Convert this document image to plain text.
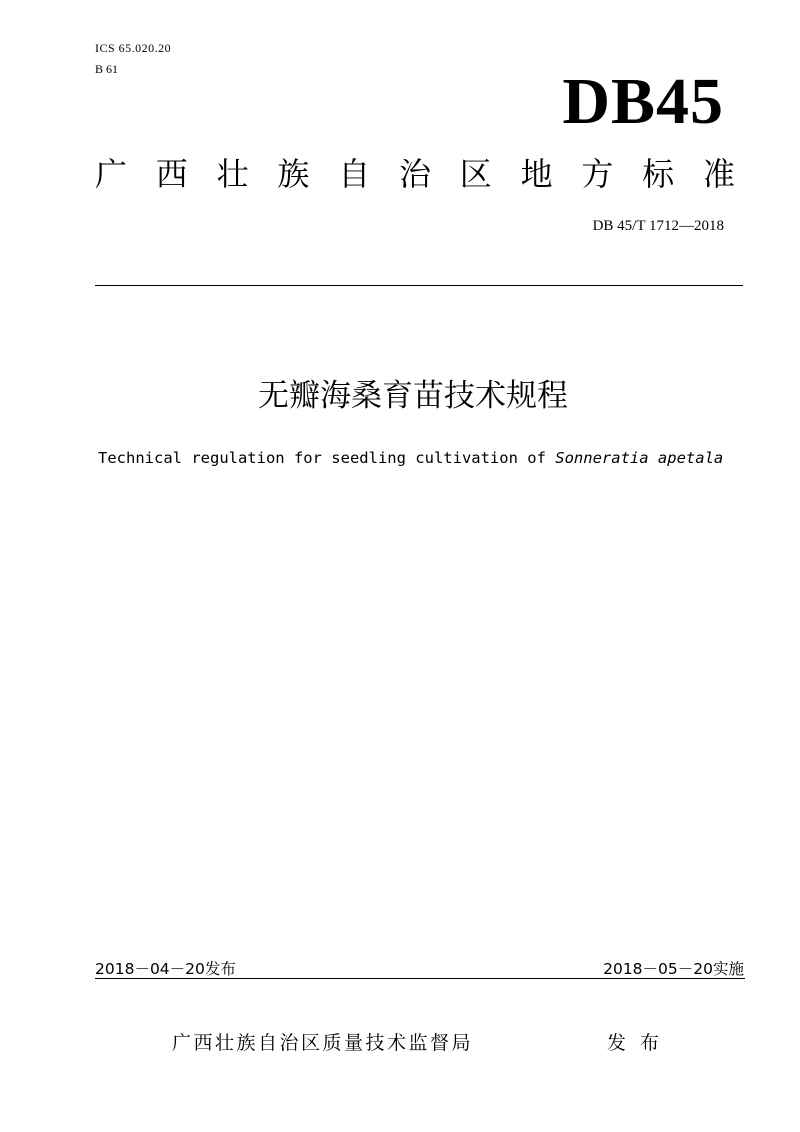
ICS 65.020.20
B 61	DB45
广 西 壮 族 自 治 区 地 方 标 准
DB 45/T 1712—2018
无瓣海桑育苗技术规程
Technical regulation for seedling cultivation of Sonneratia apetala
2018－04－20发布	2018－05－20实施
广西壮族自治区质量技术监督局	发 布
